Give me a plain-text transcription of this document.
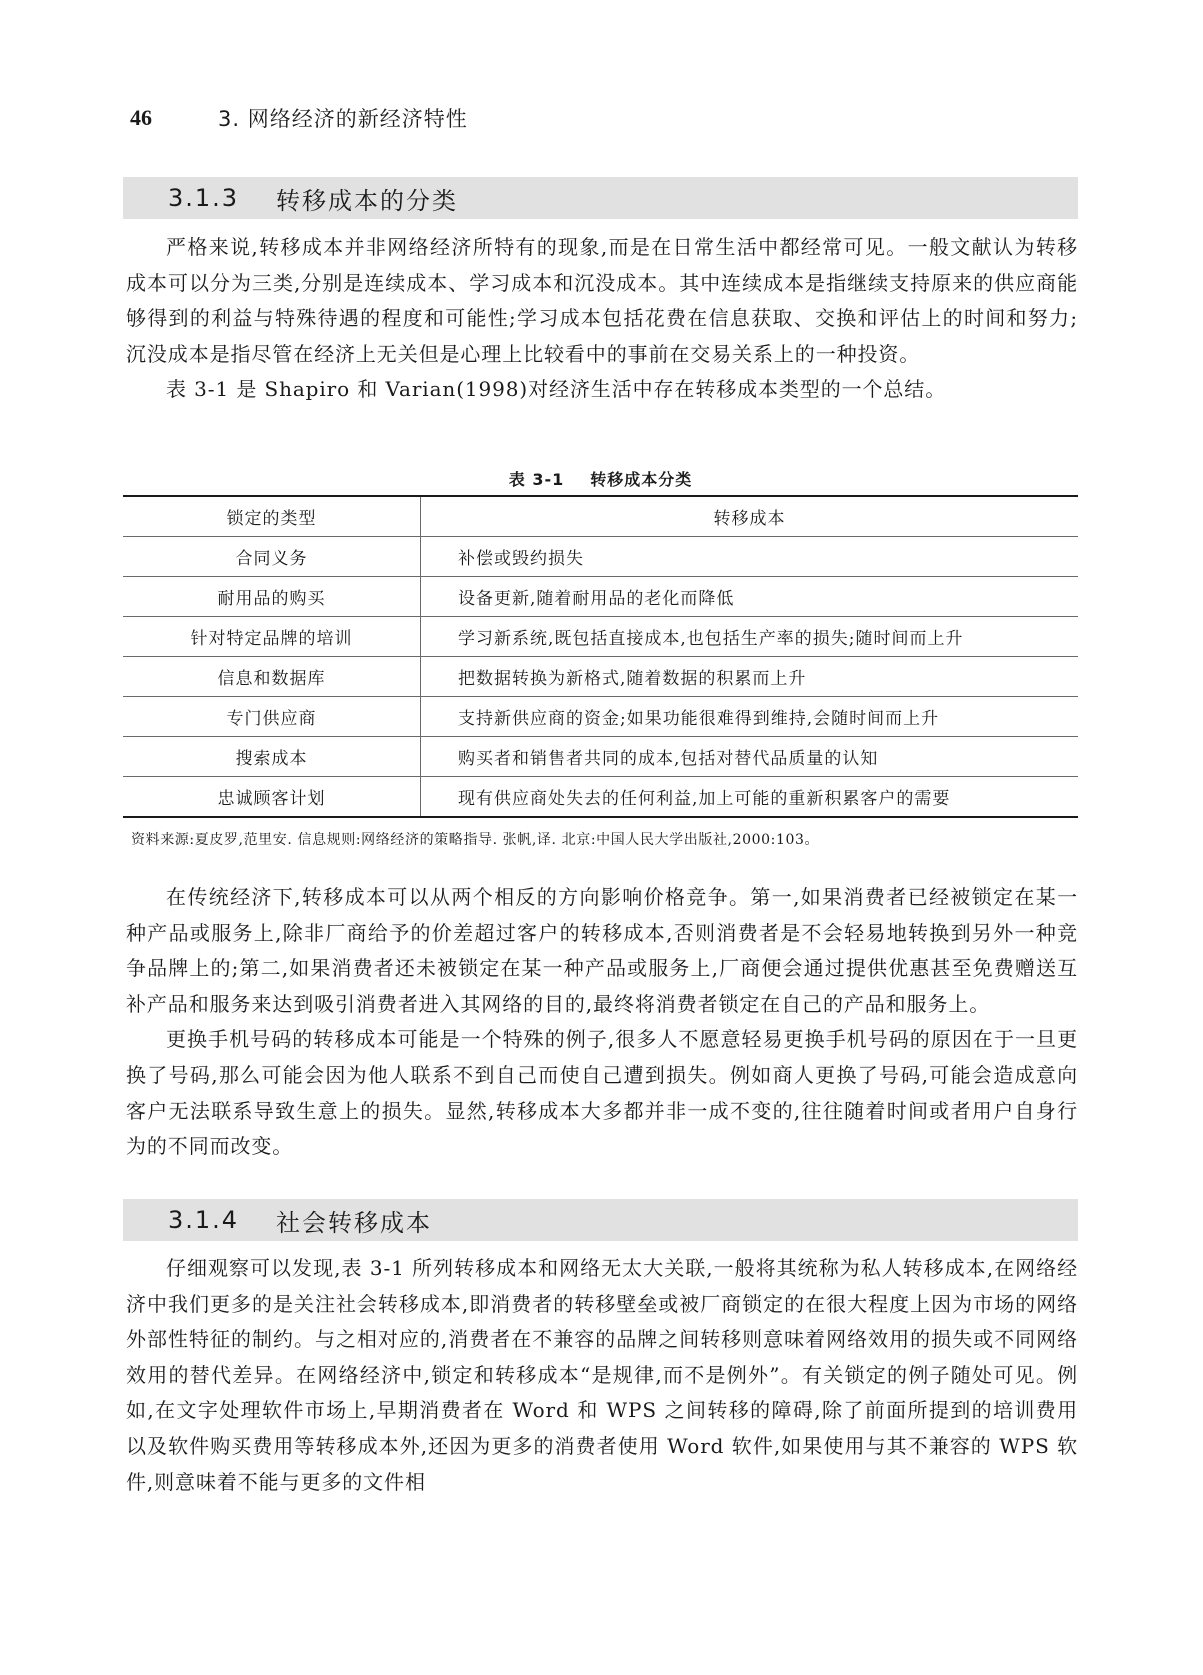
46	3. 网络经济的新经济特性
3.1.3	转移成本的分类

严格来说,转移成本并非网络经济所特有的现象,而是在日常生活中都经常可见。一般文献认为转移成本可以分为三类,分别是连续成本、学习成本和沉没成本。其中连续成本是指继续支持原来的供应商能够得到的利益与特殊待遇的程度和可能性;学习成本包括花费在信息获取、交换和评估上的时间和努力;沉没成本是指尽管在经济上无关但是心理上比较看中的事前在交易关系上的一种投资。

表 3-1 是 Shapiro 和 Varian(1998)对经济生活中存在转移成本类型的一个总结。

表 3-1 转移成本分类
锁定的类型	转移成本
合同义务	补偿或毁约损失
耐用品的购买	设备更新,随着耐用品的老化而降低
针对特定品牌的培训	学习新系统,既包括直接成本,也包括生产率的损失;随时间而上升
信息和数据库	把数据转换为新格式,随着数据的积累而上升
专门供应商	支持新供应商的资金;如果功能很难得到维持,会随时间而上升
搜索成本	购买者和销售者共同的成本,包括对替代品质量的认知
忠诚顾客计划	现有供应商处失去的任何利益,加上可能的重新积累客户的需要
资料来源:夏皮罗,范里安. 信息规则:网络经济的策略指导. 张帆,译. 北京:中国人民大学出版社,2000:103。

在传统经济下,转移成本可以从两个相反的方向影响价格竞争。第一,如果消费者已经被锁定在某一种产品或服务上,除非厂商给予的价差超过客户的转移成本,否则消费者是不会轻易地转换到另外一种竞争品牌上的;第二,如果消费者还未被锁定在某一种产品或服务上,厂商便会通过提供优惠甚至免费赠送互补产品和服务来达到吸引消费者进入其网络的目的,最终将消费者锁定在自己的产品和服务上。

更换手机号码的转移成本可能是一个特殊的例子,很多人不愿意轻易更换手机号码的原因在于一旦更换了号码,那么可能会因为他人联系不到自己而使自己遭到损失。例如商人更换了号码,可能会造成意向客户无法联系导致生意上的损失。显然,转移成本大多都并非一成不变的,往往随着时间或者用户自身行为的不同而改变。

3.1.4	社会转移成本

仔细观察可以发现,表 3-1 所列转移成本和网络无太大关联,一般将其统称为私人转移成本,在网络经济中我们更多的是关注社会转移成本,即消费者的转移壁垒或被厂商锁定的在很大程度上因为市场的网络外部性特征的制约。与之相对应的,消费者在不兼容的品牌之间转移则意味着网络效用的损失或不同网络效用的替代差异。在网络经济中,锁定和转移成本“是规律,而不是例外”。有关锁定的例子随处可见。例如,在文字处理软件市场上,早期消费者在 Word 和 WPS 之间转移的障碍,除了前面所提到的培训费用以及软件购买费用等转移成本外,还因为更多的消费者使用 Word 软件,如果使用与其不兼容的 WPS 软件,则意味着不能与更多的文件相
